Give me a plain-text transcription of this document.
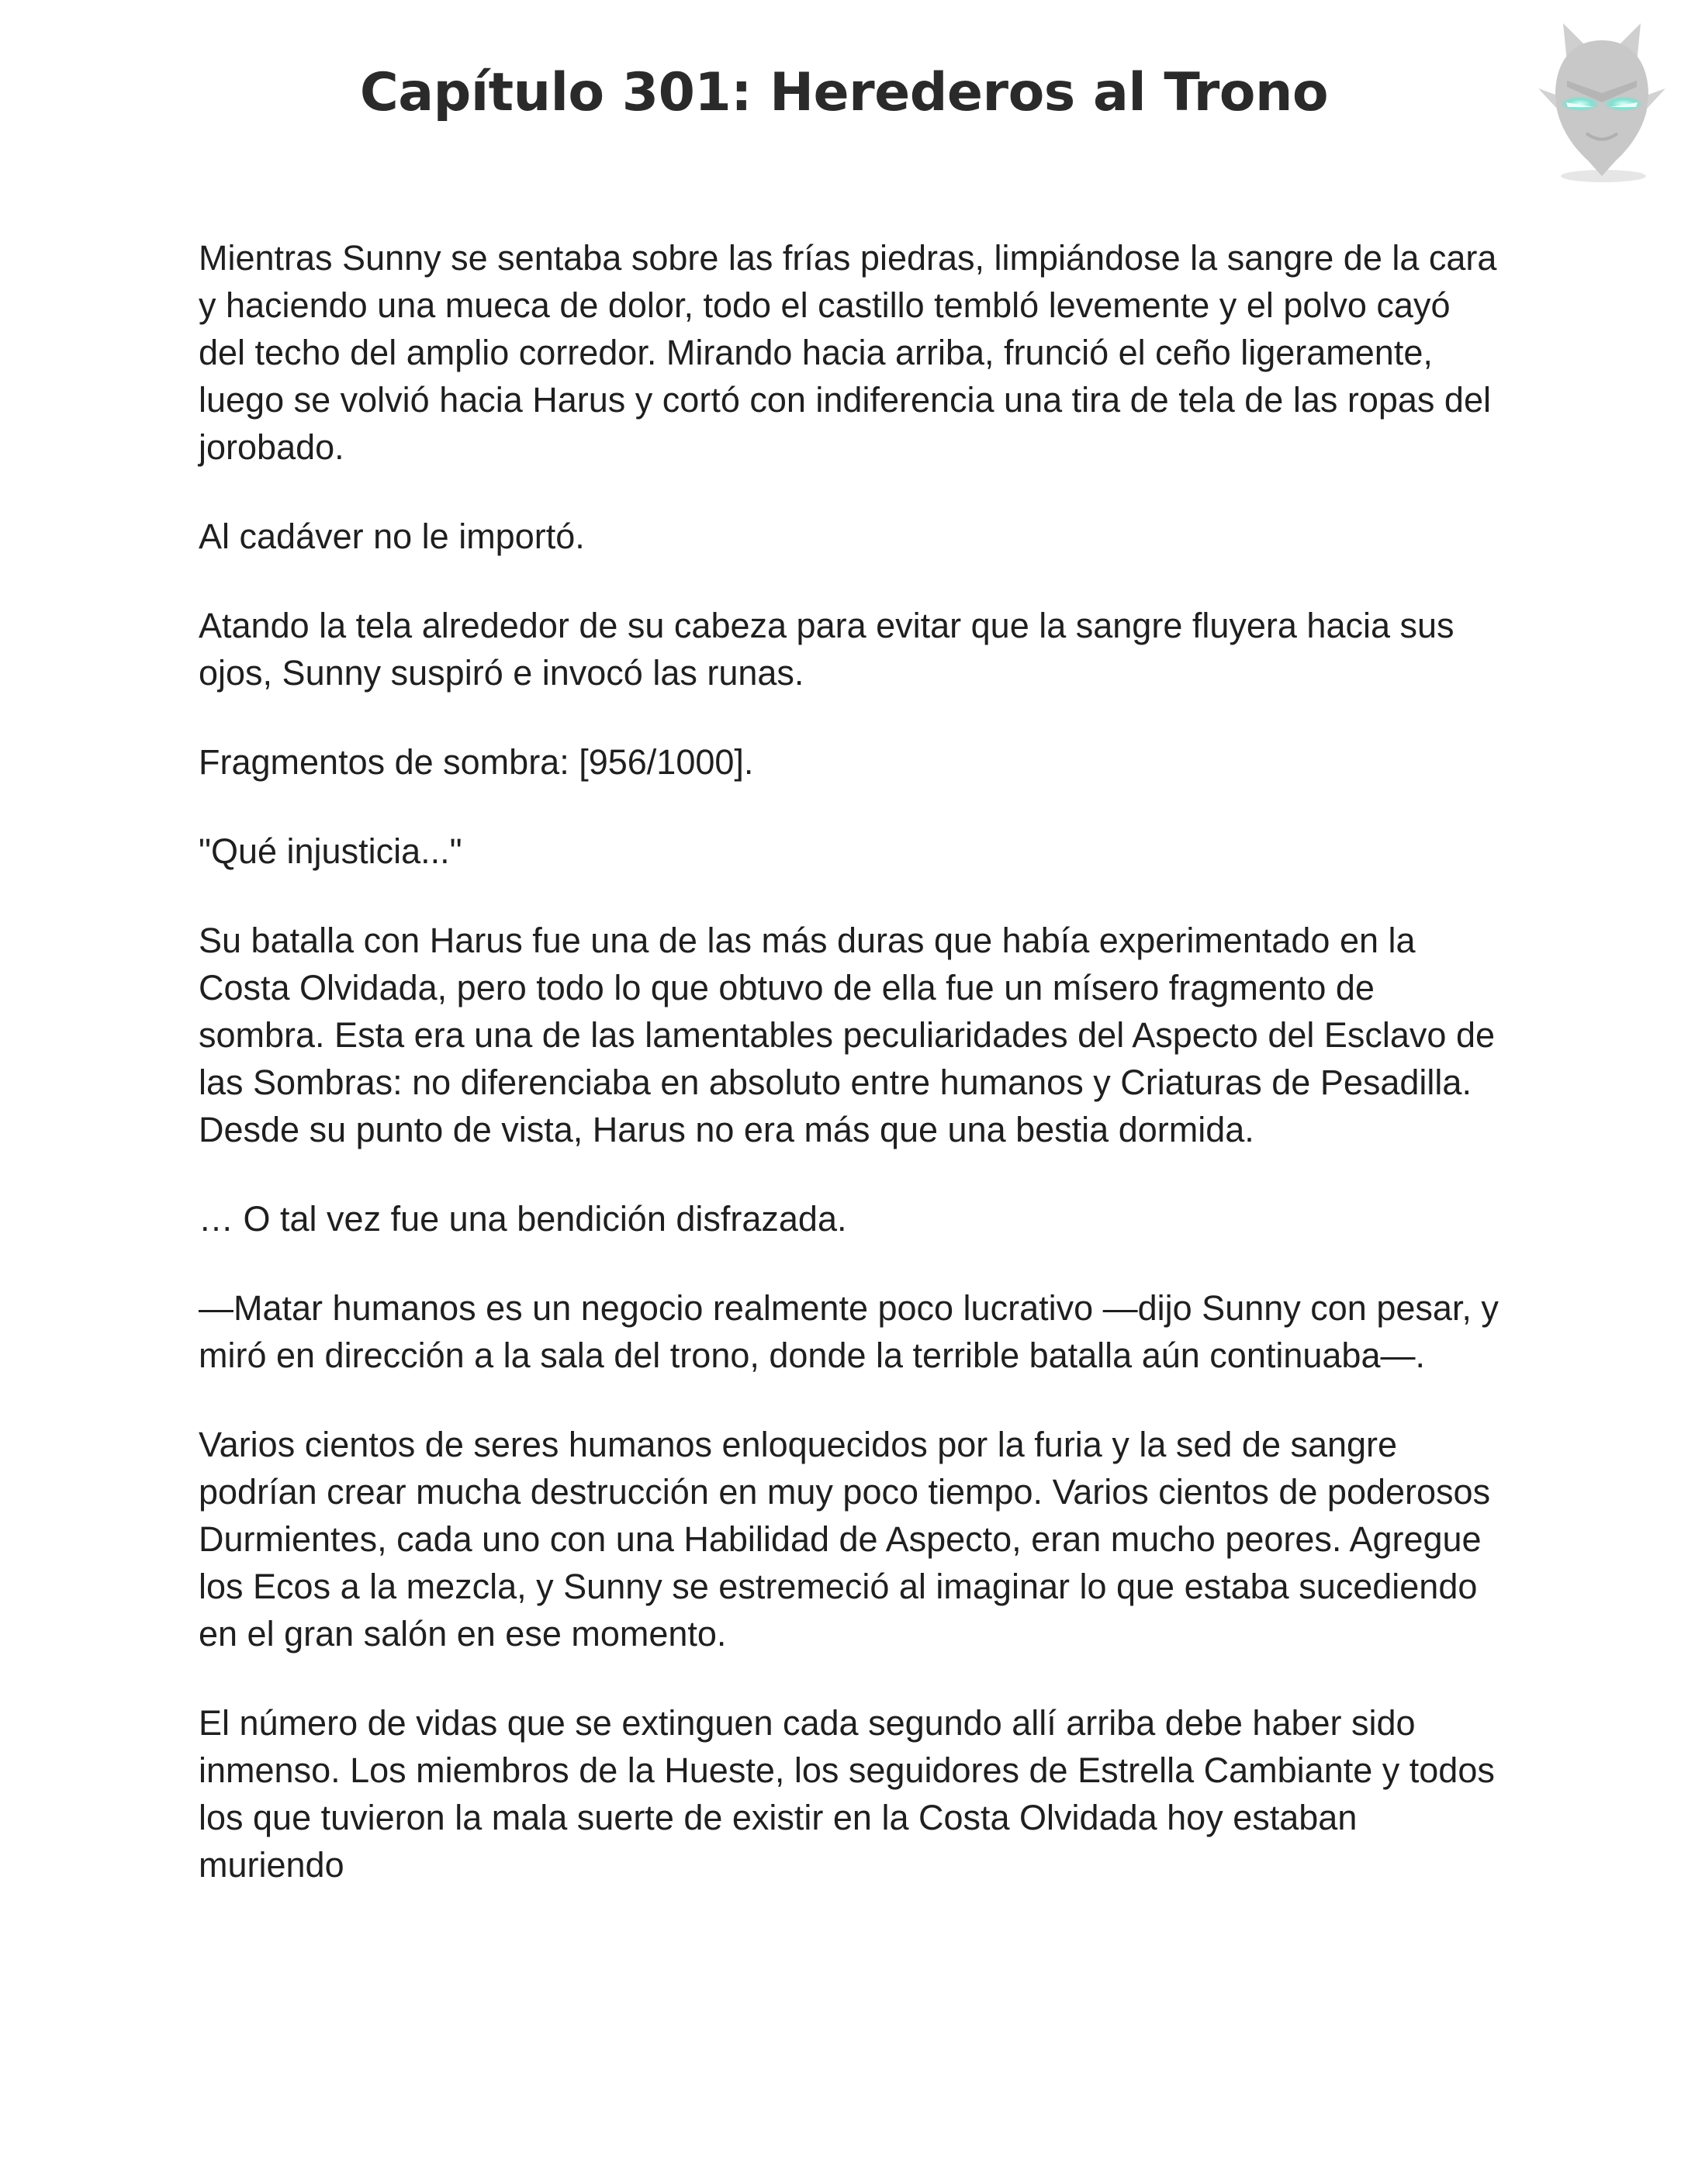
Capítulo 301: Herederos al Trono

Mientras Sunny se sentaba sobre las frías piedras, limpiándose la sangre de la cara y haciendo una mueca de dolor, todo el castillo tembló levemente y el polvo cayó del techo del amplio corredor. Mirando hacia arriba, frunció el ceño ligeramente, luego se volvió hacia Harus y cortó con indiferencia una tira de tela de las ropas del jorobado.

Al cadáver no le importó.

Atando la tela alrededor de su cabeza para evitar que la sangre fluyera hacia sus ojos, Sunny suspiró e invocó las runas.

Fragmentos de sombra: [956/1000].

"Qué injusticia..."

Su batalla con Harus fue una de las más duras que había experimentado en la Costa Olvidada, pero todo lo que obtuvo de ella fue un mísero fragmento de sombra. Esta era una de las lamentables peculiaridades del Aspecto del Esclavo de las Sombras: no diferenciaba en absoluto entre humanos y Criaturas de Pesadilla. Desde su punto de vista, Harus no era más que una bestia dormida.

… O tal vez fue una bendición disfrazada.

—Matar humanos es un negocio realmente poco lucrativo —dijo Sunny con pesar, y miró en dirección a la sala del trono, donde la terrible batalla aún continuaba—.

Varios cientos de seres humanos enloquecidos por la furia y la sed de sangre podrían crear mucha destrucción en muy poco tiempo. Varios cientos de poderosos Durmientes, cada uno con una Habilidad de Aspecto, eran mucho peores. Agregue los Ecos a la mezcla, y Sunny se estremeció al imaginar lo que estaba sucediendo en el gran salón en ese momento.

El número de vidas que se extinguen cada segundo allí arriba debe haber sido inmenso. Los miembros de la Hueste, los seguidores de Estrella Cambiante y todos los que tuvieron la mala suerte de existir en la Costa Olvidada hoy estaban muriendo
